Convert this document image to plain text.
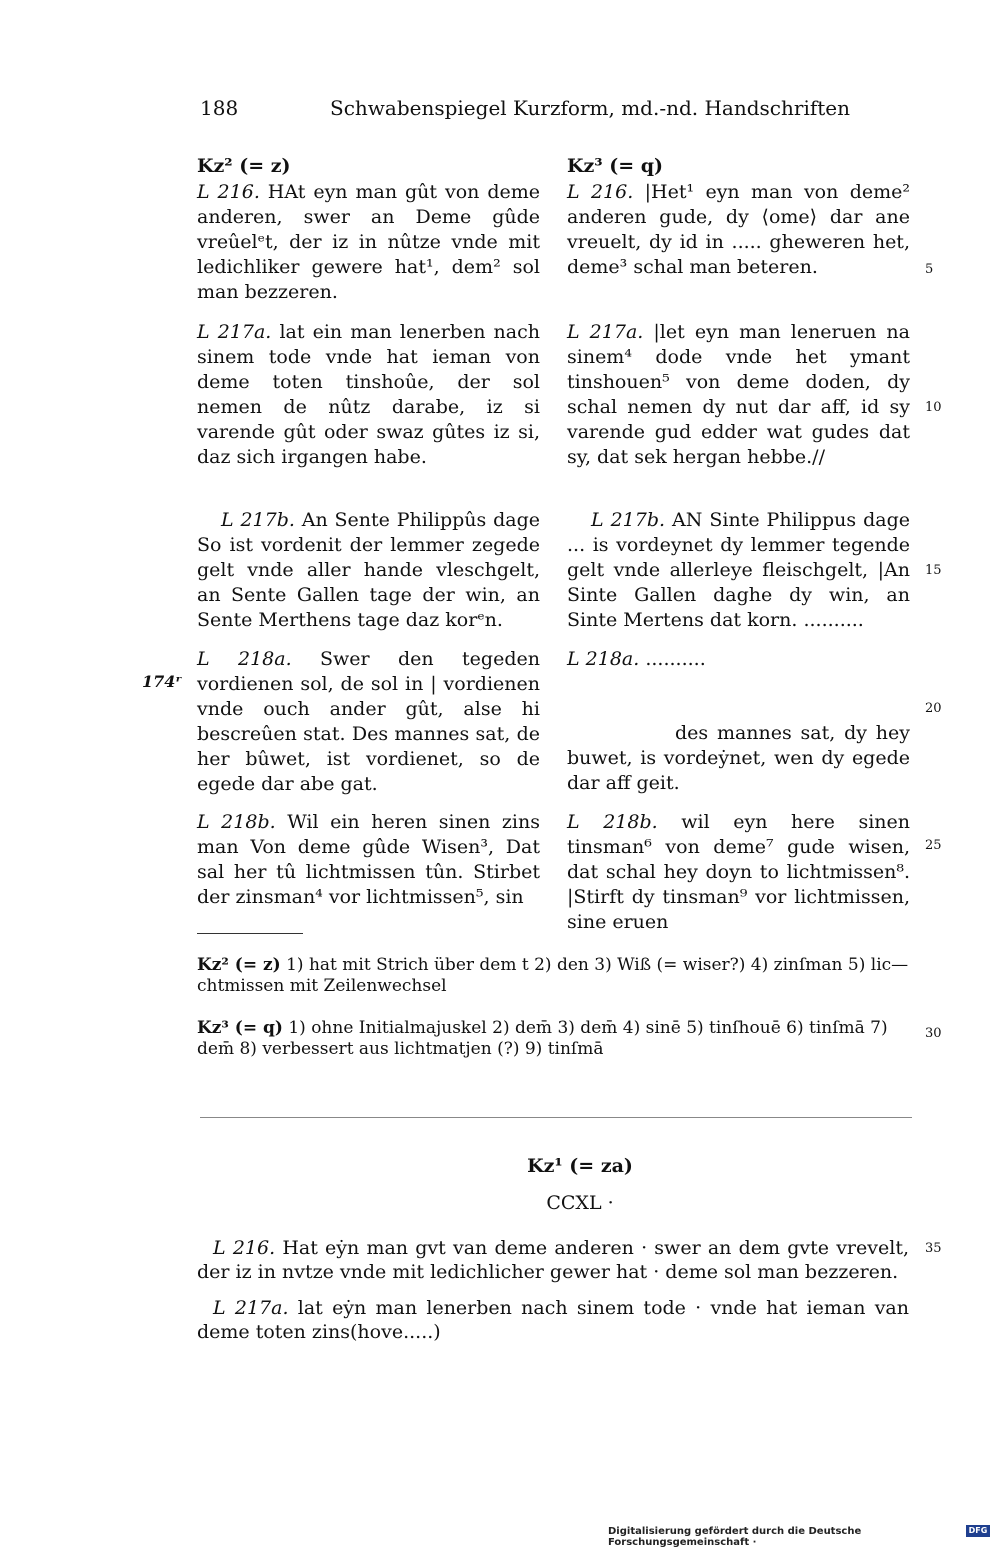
188	Schwabenspiegel Kurzform, md.-nd. Handschriften
Kz² (= z)

L 216. HAt eyn man gût von deme anderen, swer an Deme gûde vreûelᵉt, der iz in nûtze vnde mit ledichliker gewere hat¹, dem² sol man bezzeren.

L 217a. lat ein man lenerben nach sinem tode vnde hat ieman von deme toten tinshoûe, der sol nemen de nûtz darabe, iz si varende gût oder swaz gûtes iz si, daz sich irgangen habe.

L 217b. An Sente Philippûs dage So ist vordenit der lemmer zegede gelt vnde aller hande vleschgelt, an Sente Gallen tage der win, an Sente Merthens tage daz korᵉn.

L 218a. Swer den tegeden vordienen sol, de sol in | vordienen vnde ouch ander gût, alse hi bescreûen stat. Des mannes sat, de her bûwet, ist vordienet, so de egede dar abe gat.

L 218b. Wil ein heren sinen zins man Von deme gûde Wisen³, Dat sal her tû lichtmissen tûn. Stirbet der zinsman⁴ vor lichtmissen⁵, sin

Kz³ (= q)

L 216. |Het¹ eyn man von deme² anderen gude, dy ⟨ome⟩ dar ane vreuelt, dy id in ..... gheweren het, deme³ schal man beteren.

L 217a. |let eyn man leneruen na sinem⁴ dode vnde het ymant tinshouen⁵ von deme doden, dy schal nemen dy nut dar aff, id sy varende gud edder wat gudes dat sy, dat sek hergan hebbe.//

L 217b. AN Sinte Philippus dage ... is vordeynet dy lemmer tegende gelt vnde allerleye fleischgelt, |An Sinte Gallen daghe dy win, an Sinte Mertens dat korn. ..........

L 218a. ..........

des mannes sat, dy hey buwet, is vordeẏnet, wen dy egede dar aff geit.

L 218b. wil eyn here sinen tinsman⁶ von deme⁷ gude wisen, dat schal hey doyn to lichtmissen⁸. |Stirft dy tinsman⁹ vor lichtmissen, sine eruen

174ʳ
5
10
15
20
25
30
35
Kz² (= z) 1) hat mit Strich über dem t 2) den 3) Wiß (= wiser?) 4) zinſman 5) lic— chtmissen mit Zeilenwechsel
Kz³ (= q) 1) ohne Initialmajuskel 2) dem̄ 3) dem̄ 4) sinē 5) tinſhouē 6) tinſmā 7) dem̄ 8) verbessert aus lichtmatjen (?) 9) tinſmā
Kz¹ (= za)
CCXL ·
L 216. Hat eẏn man gvt van deme anderen · swer an dem gvte vrevelt, der iz in nvtze vnde mit ledichlicher gewer hat · deme sol man bezzeren.
L 217a. lat eẏn man lenerben nach sinem tode · vnde hat ieman van deme toten zins(hove.....)
Digitalisierung gefördert durch die Deutsche Forschungsgemeinschaft ·
DFG
